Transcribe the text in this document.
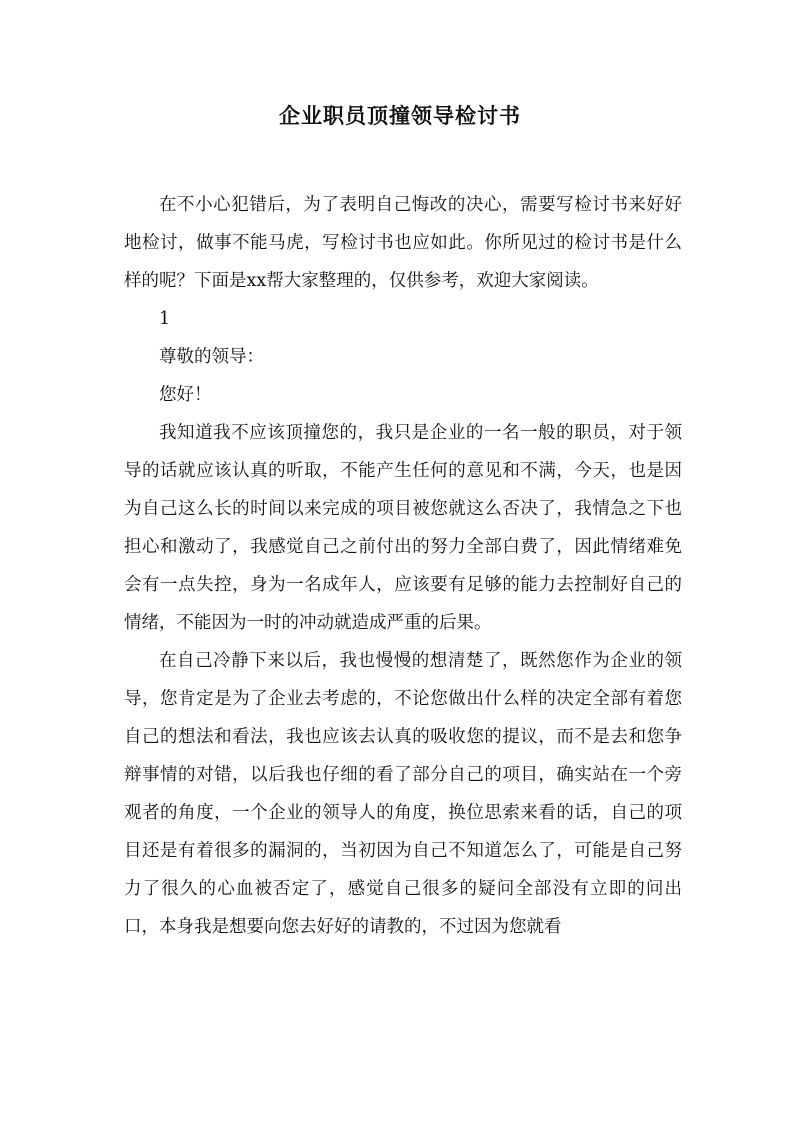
企业职员顶撞领导检讨书

在不小心犯错后，为了表明自己悔改的决心，需要写检讨书来好好地检讨，做事不能马虎，写检讨书也应如此。你所见过的检讨书是什么样的呢？下面是xx帮大家整理的，仅供参考，欢迎大家阅读。

1

尊敬的领导：

您好！

我知道我不应该顶撞您的，我只是企业的一名一般的职员，对于领导的话就应该认真的听取，不能产生任何的意见和不满，今天，也是因为自己这么长的时间以来完成的项目被您就这么否决了，我情急之下也担心和激动了，我感觉自己之前付出的努力全部白费了，因此情绪难免会有一点失控，身为一名成年人，应该要有足够的能力去控制好自己的情绪，不能因为一时的冲动就造成严重的后果。

在自己冷静下来以后，我也慢慢的想清楚了，既然您作为企业的领导，您肯定是为了企业去考虑的，不论您做出什么样的决定全部有着您自己的想法和看法，我也应该去认真的吸收您的提议，而不是去和您争辩事情的对错，以后我也仔细的看了部分自己的项目，确实站在一个旁观者的角度，一个企业的领导人的角度，换位思索来看的话，自己的项目还是有着很多的漏洞的，当初因为自己不知道怎么了，可能是自己努力了很久的心血被否定了，感觉自己很多的疑问全部没有立即的问出口，本身我是想要向您去好好的请教的，不过因为您就看
